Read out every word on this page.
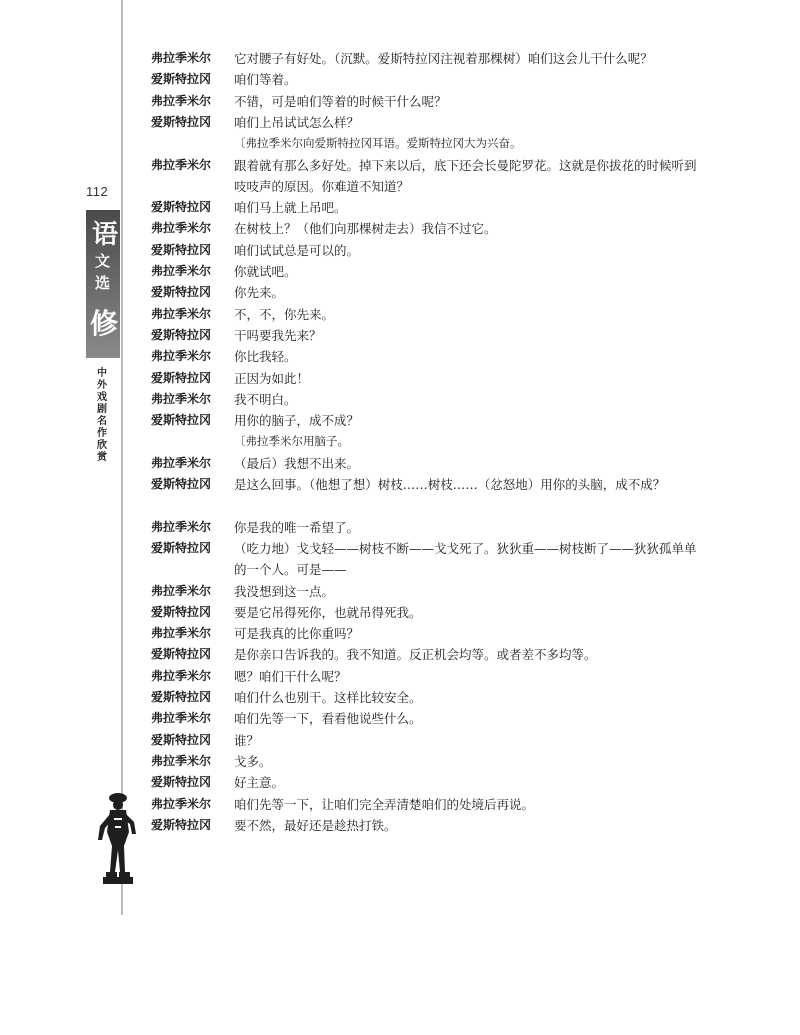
112
语
文
选
修
中外戏剧名作欣赏
弗拉季米尔	它对腰子有好处。（沉默。爱斯特拉冈注视着那棵树）咱们这会儿干什么呢？
爱斯特拉冈	咱们等着。
弗拉季米尔	不错，可是咱们等着的时候干什么呢？
爱斯特拉冈	咱们上吊试试怎么样？
〔弗拉季米尔向爱斯特拉冈耳语。爱斯特拉冈大为兴奋。
弗拉季米尔	跟着就有那么多好处。掉下来以后，底下还会长曼陀罗花。这就是你拔花的时候听到吱吱声的原因。你难道不知道？
爱斯特拉冈	咱们马上就上吊吧。
弗拉季米尔	在树枝上？（他们向那棵树走去）我信不过它。
爱斯特拉冈	咱们试试总是可以的。
弗拉季米尔	你就试吧。
爱斯特拉冈	你先来。
弗拉季米尔	不，不，你先来。
爱斯特拉冈	干吗要我先来？
弗拉季米尔	你比我轻。
爱斯特拉冈	正因为如此！
弗拉季米尔	我不明白。
爱斯特拉冈	用你的脑子，成不成？
〔弗拉季米尔用脑子。
弗拉季米尔	（最后）我想不出来。
爱斯特拉冈	是这么回事。（他想了想）树枝……树枝……（忿怒地）用你的头脑，成不成？
弗拉季米尔	你是我的唯一希望了。
爱斯特拉冈	（吃力地）戈戈轻——树枝不断——戈戈死了。狄狄重——树枝断了——狄狄孤单单的一个人。可是——
弗拉季米尔	我没想到这一点。
爱斯特拉冈	要是它吊得死你，也就吊得死我。
弗拉季米尔	可是我真的比你重吗？
爱斯特拉冈	是你亲口告诉我的。我不知道。反正机会均等。或者差不多均等。
弗拉季米尔	嗯？咱们干什么呢？
爱斯特拉冈	咱们什么也别干。这样比较安全。
弗拉季米尔	咱们先等一下，看看他说些什么。
爱斯特拉冈	谁？
弗拉季米尔	戈多。
爱斯特拉冈	好主意。
弗拉季米尔	咱们先等一下，让咱们完全弄清楚咱们的处境后再说。
爱斯特拉冈	要不然，最好还是趁热打铁。
